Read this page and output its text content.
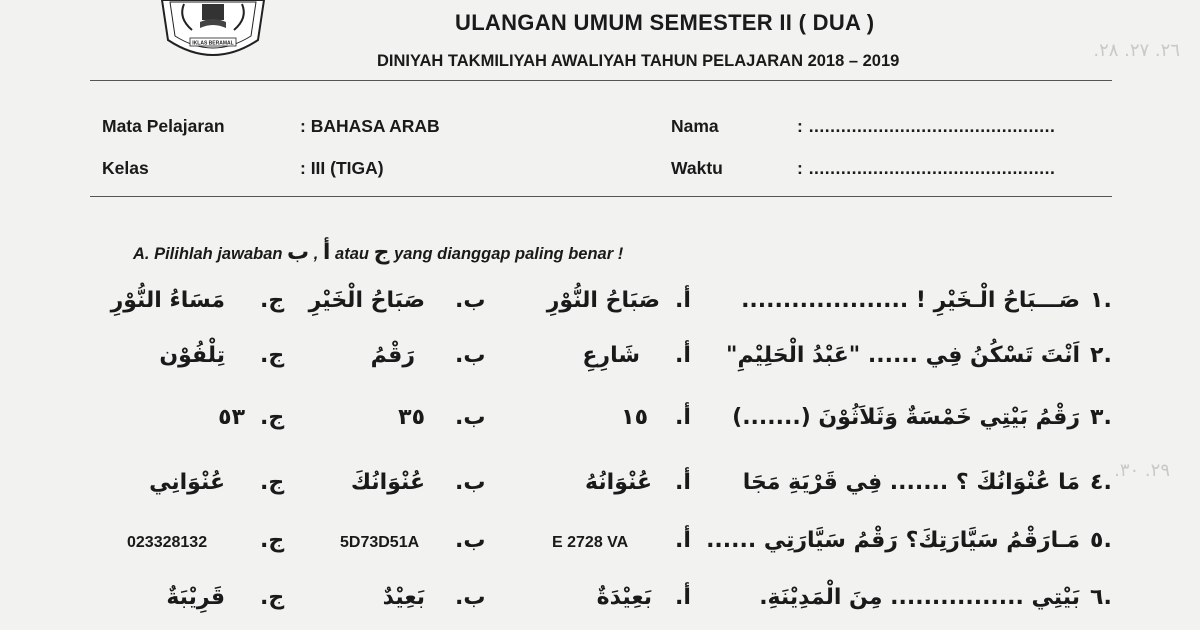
٢٦. ٢٧. ٢٨.
٢٩. ٣٠.
IKLAS BERAMAL
ULANGAN UMUM SEMESTER II ( DUA )
DINIYAH TAKMILIYAH AWALIYAH TAHUN PELAJARAN 2018 – 2019
Mata Pelajaran	: BAHASA ARAB
Kelas	: III (TIGA)
Nama	: ..............................................
Waktu	: ..............................................
A. Pilihlah jawaban أ , ب atau ج yang dianggap paling benar !
١.
صَـــبَاحُ الْـخَيْرِ ! ....................
أ.
صَبَاحُ النُّوْرِ
ب.
صَبَاحُ الْخَيْرِ
ج.
مَسَاءُ النُّوْرِ
٢.
اَنْتَ تَسْكُنُ فِي ...... "عَبْدُ الْحَلِيْمِ"
أ.
شَارِعِ
ب.
رَقْمُ
ج.
تِلْفُوْن
٣.
رَقْمُ بَيْتِي خَمْسَةٌ وَثَلاَثُوْنَ (.......)
أ.
١٥
ب.
٣٥
ج.
٥٣
٤.
مَا عُنْوَانُكَ ؟ ....... فِي قَرْيَةِ مَجَا
أ.
عُنْوَانُهُ
ب.
عُنْوَانُكَ
ج.
عُنْوَانِي
٥.
مَـارَقْمُ سَيَّارَتِكَ؟ رَقْمُ سَيَّارَتِي ......
أ.
E 2728 VA
ب.
5D73D51A
ج.
023328132
٦.
بَيْتِي ................ مِنَ الْمَدِيْنَةِ.
أ.
بَعِيْدَةٌ
ب.
بَعِيْدٌ
ج.
قَرِيْبَةٌ
